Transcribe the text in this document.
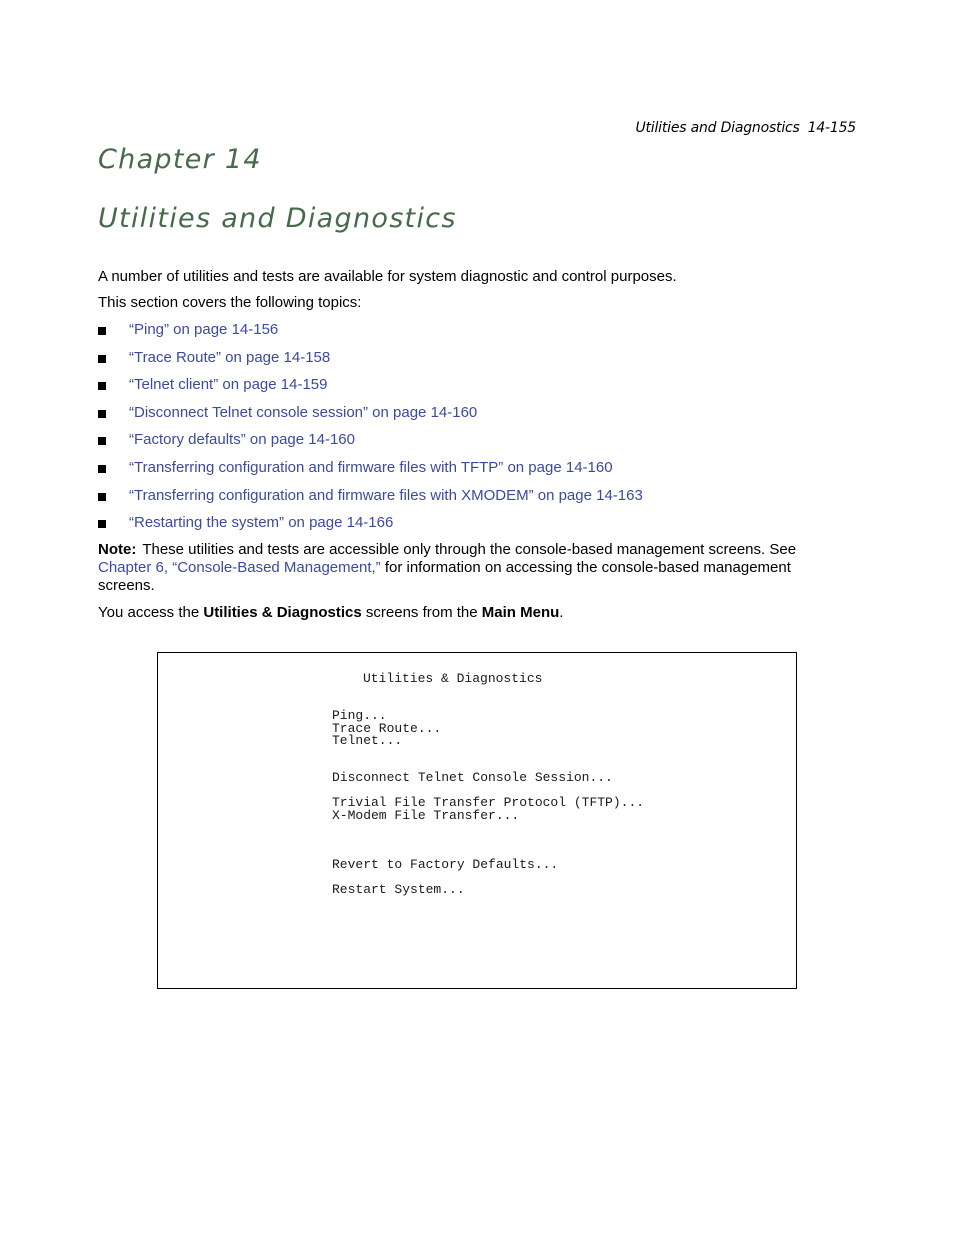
Utilities and Diagnostics 14-155
Chapter 14
Utilities and Diagnostics

A number of utilities and tests are available for system diagnostic and control purposes.

This section covers the following topics:

“Ping” on page 14-156
“Trace Route” on page 14-158
“Telnet client” on page 14-159
“Disconnect Telnet console session” on page 14-160
“Factory defaults” on page 14-160
“Transferring configuration and firmware files with TFTP” on page 14-160
“Transferring configuration and firmware files with XMODEM” on page 14-163
“Restarting the system” on page 14-166

Note: These utilities and tests are accessible only through the console-based management screens. See Chapter 6, “Console-Based Management,” for information on accessing the console-based management screens.

You access the Utilities & Diagnostics screens from the Main Menu.

Utilities & Diagnostics
Ping...
Trace Route...
Telnet...
Disconnect Telnet Console Session...
Trivial File Transfer Protocol (TFTP)...
X-Modem File Transfer...
Revert to Factory Defaults...
Restart System...
